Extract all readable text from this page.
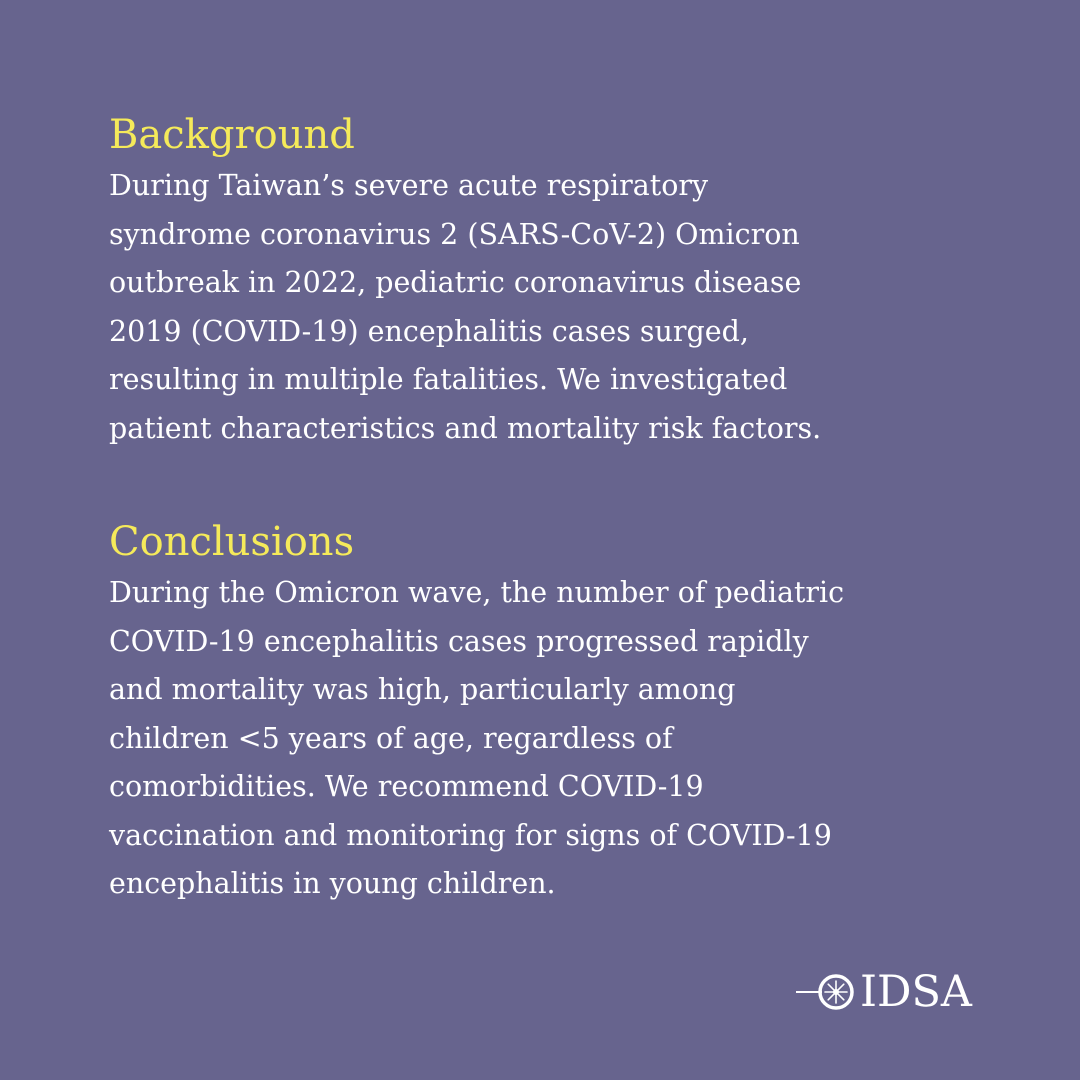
Background

During Taiwan’s severe acute respiratory
syndrome coronavirus 2 (SARS-CoV-2) Omicron
outbreak in 2022, pediatric coronavirus disease
2019 (COVID-19) encephalitis cases surged,
resulting in multiple fatalities. We investigated
patient characteristics and mortality risk factors.

Conclusions

During the Omicron wave, the number of pediatric
COVID-19 encephalitis cases progressed rapidly
and mortality was high, particularly among
children <5 years of age, regardless of
comorbidities. We recommend COVID-19
vaccination and monitoring for signs of COVID-19
encephalitis in young children.

IDSA
